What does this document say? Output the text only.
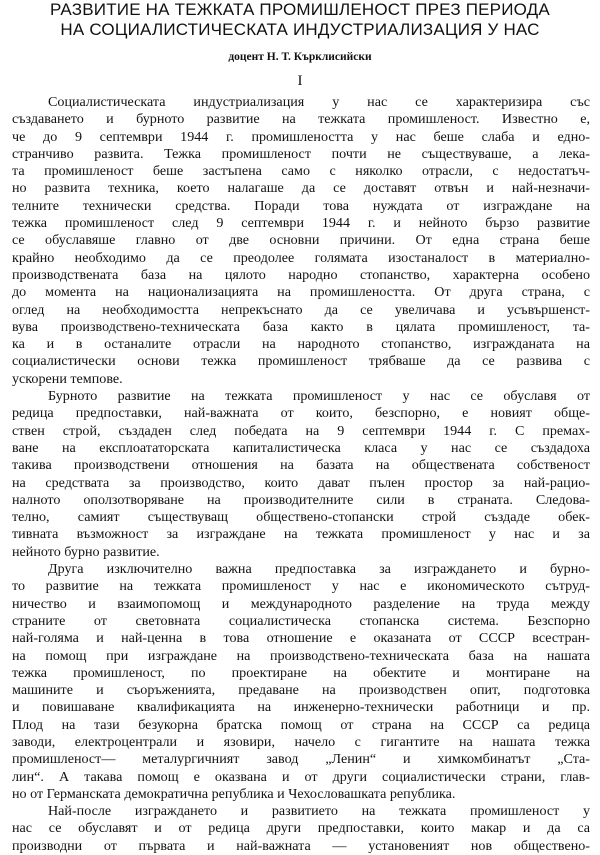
РАЗВИТИЕ НА ТЕЖКАТА ПРОМИШЛЕНОСТ ПРЕЗ ПЕРИОДА
НА СОЦИАЛИСТИЧЕСКАТА ИНДУСТРИАЛИЗАЦИЯ У НАС
доцент Н. Т. Кърклисийски
I
Социалистическата индустриализация у нас се характеризира със
създаването и бурното развитие на тежката промишленост. Известно е,
че до 9 септември 1944 г. промишлеността у нас беше слаба и едно-
странчиво развита. Тежка промишленост почти не съществуваше, а лека-
та промишленост беше застъпена само с няколко отрасли, с недостатъч-
но развита техника, което налагаше да се доставят отвън и най-незначи-
телните технически средства. Поради това нуждата от изграждане на
тежка промишленост след 9 септември 1944 г. и нейното бързо развитие
се обуславяше главно от две основни причини. От една страна беше
крайно необходимо да се преодолее голямата изостаналост в материално-
производствената база на цялото народно стопанство, характерна особено
до момента на национализацията на промишлеността. От друга страна, с
оглед на необходимостта непрекъснато да се увеличава и усъвършенст-
вува производствено-техническата база както в цялата промишленост, та-
ка и в останалите отрасли на народното стопанство, изгражданата на
социалистически основи тежка промишленост трябваше да се развива с
ускорени темпове.
Бурното развитие на тежката промишленост у нас се обуславя от
редица предпоставки, най-важната от които, безспорно, е новият обще-
ствен строй, създаден след победата на 9 септември 1944 г. С премах-
ване на експлоататорската капиталистическа класа у нас се създадоха
такива производствени отношения на базата на обществената собственост
на средствата за производство, които дават пълен простор за най-рацио-
налното оползотворяване на производителните сили в страната. Следова-
телно, самият съществуващ обществено-стопански строй създаде обек-
тивната възможност за изграждане на тежката промишленост у нас и за
нейното бурно развитие.
Друга изключително важна предпоставка за изграждането и бурно-
то развитие на тежката промишленост у нас е икономическото сътруд-
ничество и взаимопомощ и международното разделение на труда между
страните от световната социалистическа стопанска система. Безспорно
най-голяма и най-ценна в това отношение е оказаната от СССР всестран-
на помощ при изграждане на производствено-техническата база на нашата
тежка промишленост, по проектиране на обектите и монтиране на
машините и съоръженията, предаване на производствен опит, подготовка
и повишаване квалификацията на инженерно-технически работници и пр.
Плод на тази безукорна братска помощ от страна на СССР са редица
заводи, електроцентрали и язовири, начело с гигантите на нашата тежка
промишленост— металургичният завод „Ленин“ и химкомбинатът „Ста-
лин“. А такава помощ е оказвана и от други социалистически страни, глав-
но от Германската демократична република и Чехословашката република.
Най-после изграждането и развитието на тежката промишленост у
нас се обуславят и от редица други предпоставки, които макар и да са
производни от първата и най-важната — установеният нов обществено-
